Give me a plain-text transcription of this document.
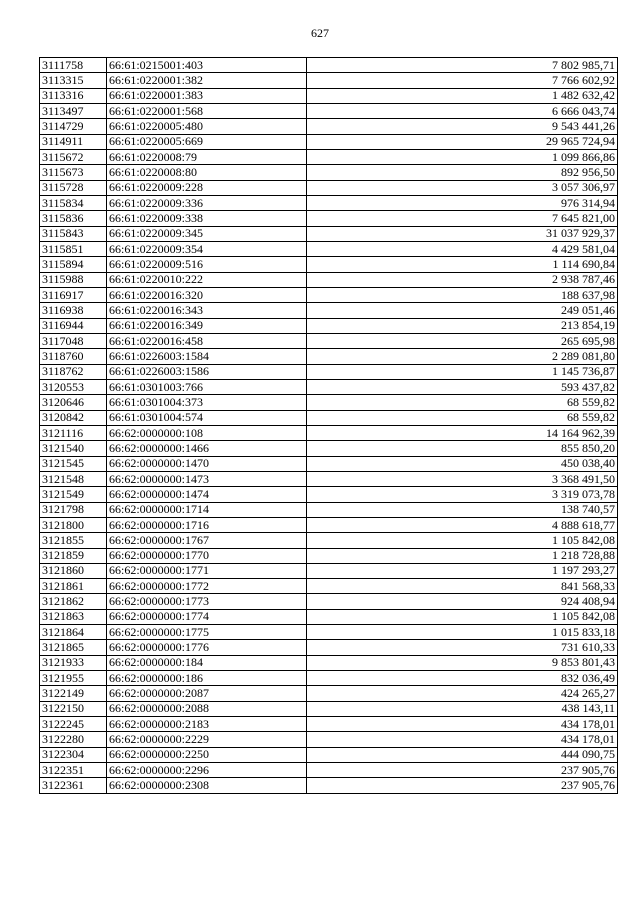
627
3111758	66:61:0215001:403	7 802 985,71
3113315	66:61:0220001:382	7 766 602,92
3113316	66:61:0220001:383	1 482 632,42
3113497	66:61:0220001:568	6 666 043,74
3114729	66:61:0220005:480	9 543 441,26
3114911	66:61:0220005:669	29 965 724,94
3115672	66:61:0220008:79	1 099 866,86
3115673	66:61:0220008:80	892 956,50
3115728	66:61:0220009:228	3 057 306,97
3115834	66:61:0220009:336	976 314,94
3115836	66:61:0220009:338	7 645 821,00
3115843	66:61:0220009:345	31 037 929,37
3115851	66:61:0220009:354	4 429 581,04
3115894	66:61:0220009:516	1 114 690,84
3115988	66:61:0220010:222	2 938 787,46
3116917	66:61:0220016:320	188 637,98
3116938	66:61:0220016:343	249 051,46
3116944	66:61:0220016:349	213 854,19
3117048	66:61:0220016:458	265 695,98
3118760	66:61:0226003:1584	2 289 081,80
3118762	66:61:0226003:1586	1 145 736,87
3120553	66:61:0301003:766	593 437,82
3120646	66:61:0301004:373	68 559,82
3120842	66:61:0301004:574	68 559,82
3121116	66:62:0000000:108	14 164 962,39
3121540	66:62:0000000:1466	855 850,20
3121545	66:62:0000000:1470	450 038,40
3121548	66:62:0000000:1473	3 368 491,50
3121549	66:62:0000000:1474	3 319 073,78
3121798	66:62:0000000:1714	138 740,57
3121800	66:62:0000000:1716	4 888 618,77
3121855	66:62:0000000:1767	1 105 842,08
3121859	66:62:0000000:1770	1 218 728,88
3121860	66:62:0000000:1771	1 197 293,27
3121861	66:62:0000000:1772	841 568,33
3121862	66:62:0000000:1773	924 408,94
3121863	66:62:0000000:1774	1 105 842,08
3121864	66:62:0000000:1775	1 015 833,18
3121865	66:62:0000000:1776	731 610,33
3121933	66:62:0000000:184	9 853 801,43
3121955	66:62:0000000:186	832 036,49
3122149	66:62:0000000:2087	424 265,27
3122150	66:62:0000000:2088	438 143,11
3122245	66:62:0000000:2183	434 178,01
3122280	66:62:0000000:2229	434 178,01
3122304	66:62:0000000:2250	444 090,75
3122351	66:62:0000000:2296	237 905,76
3122361	66:62:0000000:2308	237 905,76
